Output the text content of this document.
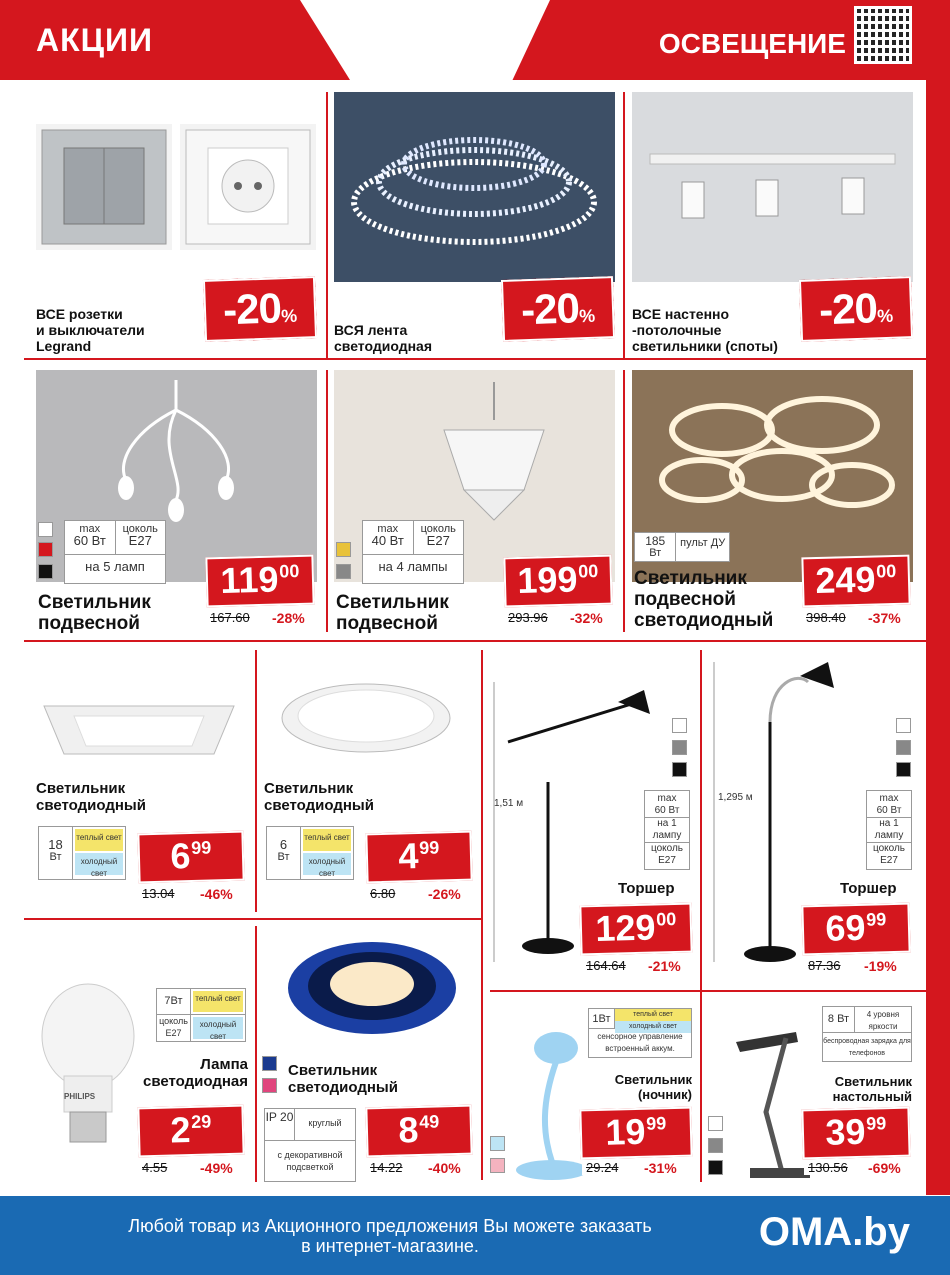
АКЦИИ	ОСВЕЩЕНИЕ
ВСЕ розетки
и выключатели
Legrand
-20 %
ВСЯ лента
светодиодная
-20 %	ВСЕ настенно
-потолочные
светильники (споты)
-20 %
max
60 Вт
цоколь
E27
на 5 ламп
Светильник
подвесной
119 00
167.60 -28%
max
40 Вт
цоколь
E27
на 4 лампы
Светильник
подвесной
199 00
293.96 -32%
185
Вт
пульт ДУ
Светильник
подвесной
светодиодный
249 00
398.40 -37%
Светильник
светодиодный
18
Вт
теплый свет
холодный свет	6 99
13.04 -46%
Светильник
светодиодный
6
Вт
теплый свет
холодный свет	4 99
6.80 -26%
1,51 м	max
60 Вт
на 1
лампу
цоколь
E27
Торшер
129 00
164.64 -21%
1,295 м	max
60 Вт
на 1
лампу
цоколь
E27
Торшер
69 99
87.36 -19%
PHILIPS
7Вт	теплый свет
цоколь
E27
холодный свет
Лампа
светодиодная
2 29
4.55 -49%
Светильник
светодиодный
IP 20	круглый
с декоративной подсветкой
8 49
14.22 -40%
1Вт	теплый свет
холодный свет
сенсорное управление
встроенный аккум.
Светильник
(ночник)
19 99
29.24 -31%
8 Вт	4 уровня яркости
беспроводная зарядка для телефонов
Светильник
настольный
39 99
130.56 -69%
Любой товар из Акционного предложения Вы можете заказать
в интернет-магазине.	OMA.by
